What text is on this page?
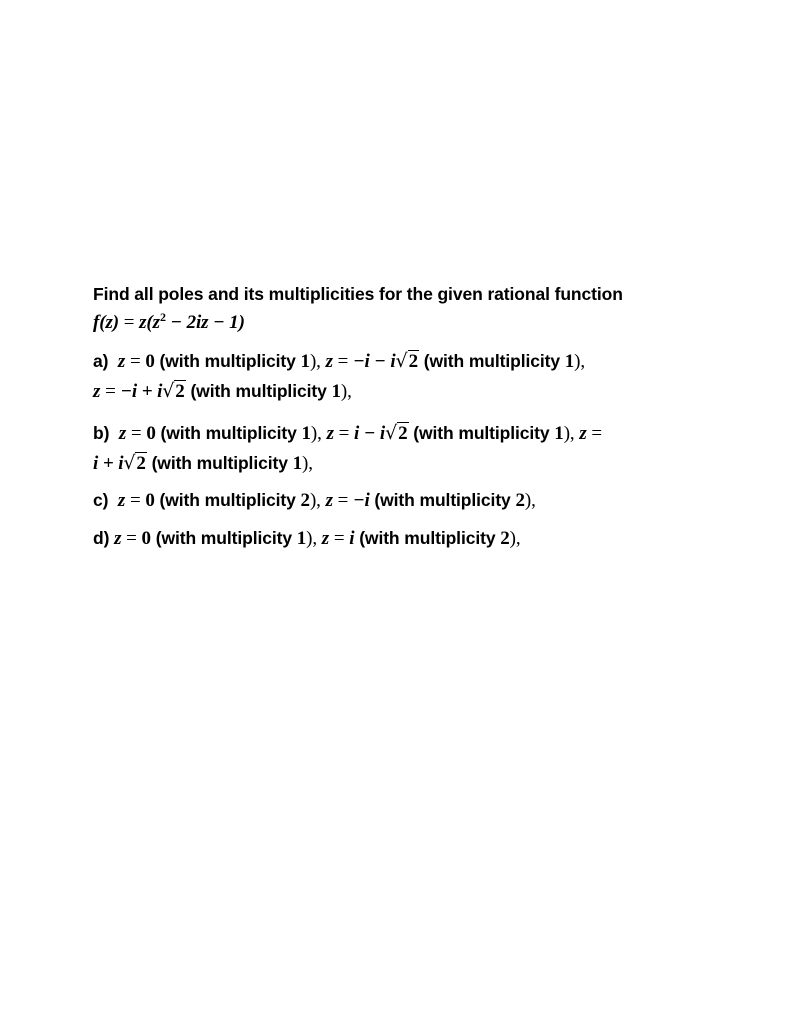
Find all poles and its multiplicities for the given rational function
$f(z) = z(z^2 - 2iz - 1)$
a) z = 0 (with multiplicity 1), z = −i − i√2 (with multiplicity 1),
z = −i + i√2 (with multiplicity 1),
b) z = 0 (with multiplicity 1), z = i − i√2 (with multiplicity 1), z =
i + i√2 (with multiplicity 1),
c) z = 0 (with multiplicity 2), z = −i (with multiplicity 2),
d) z = 0 (with multiplicity 1), z = i (with multiplicity 2),
